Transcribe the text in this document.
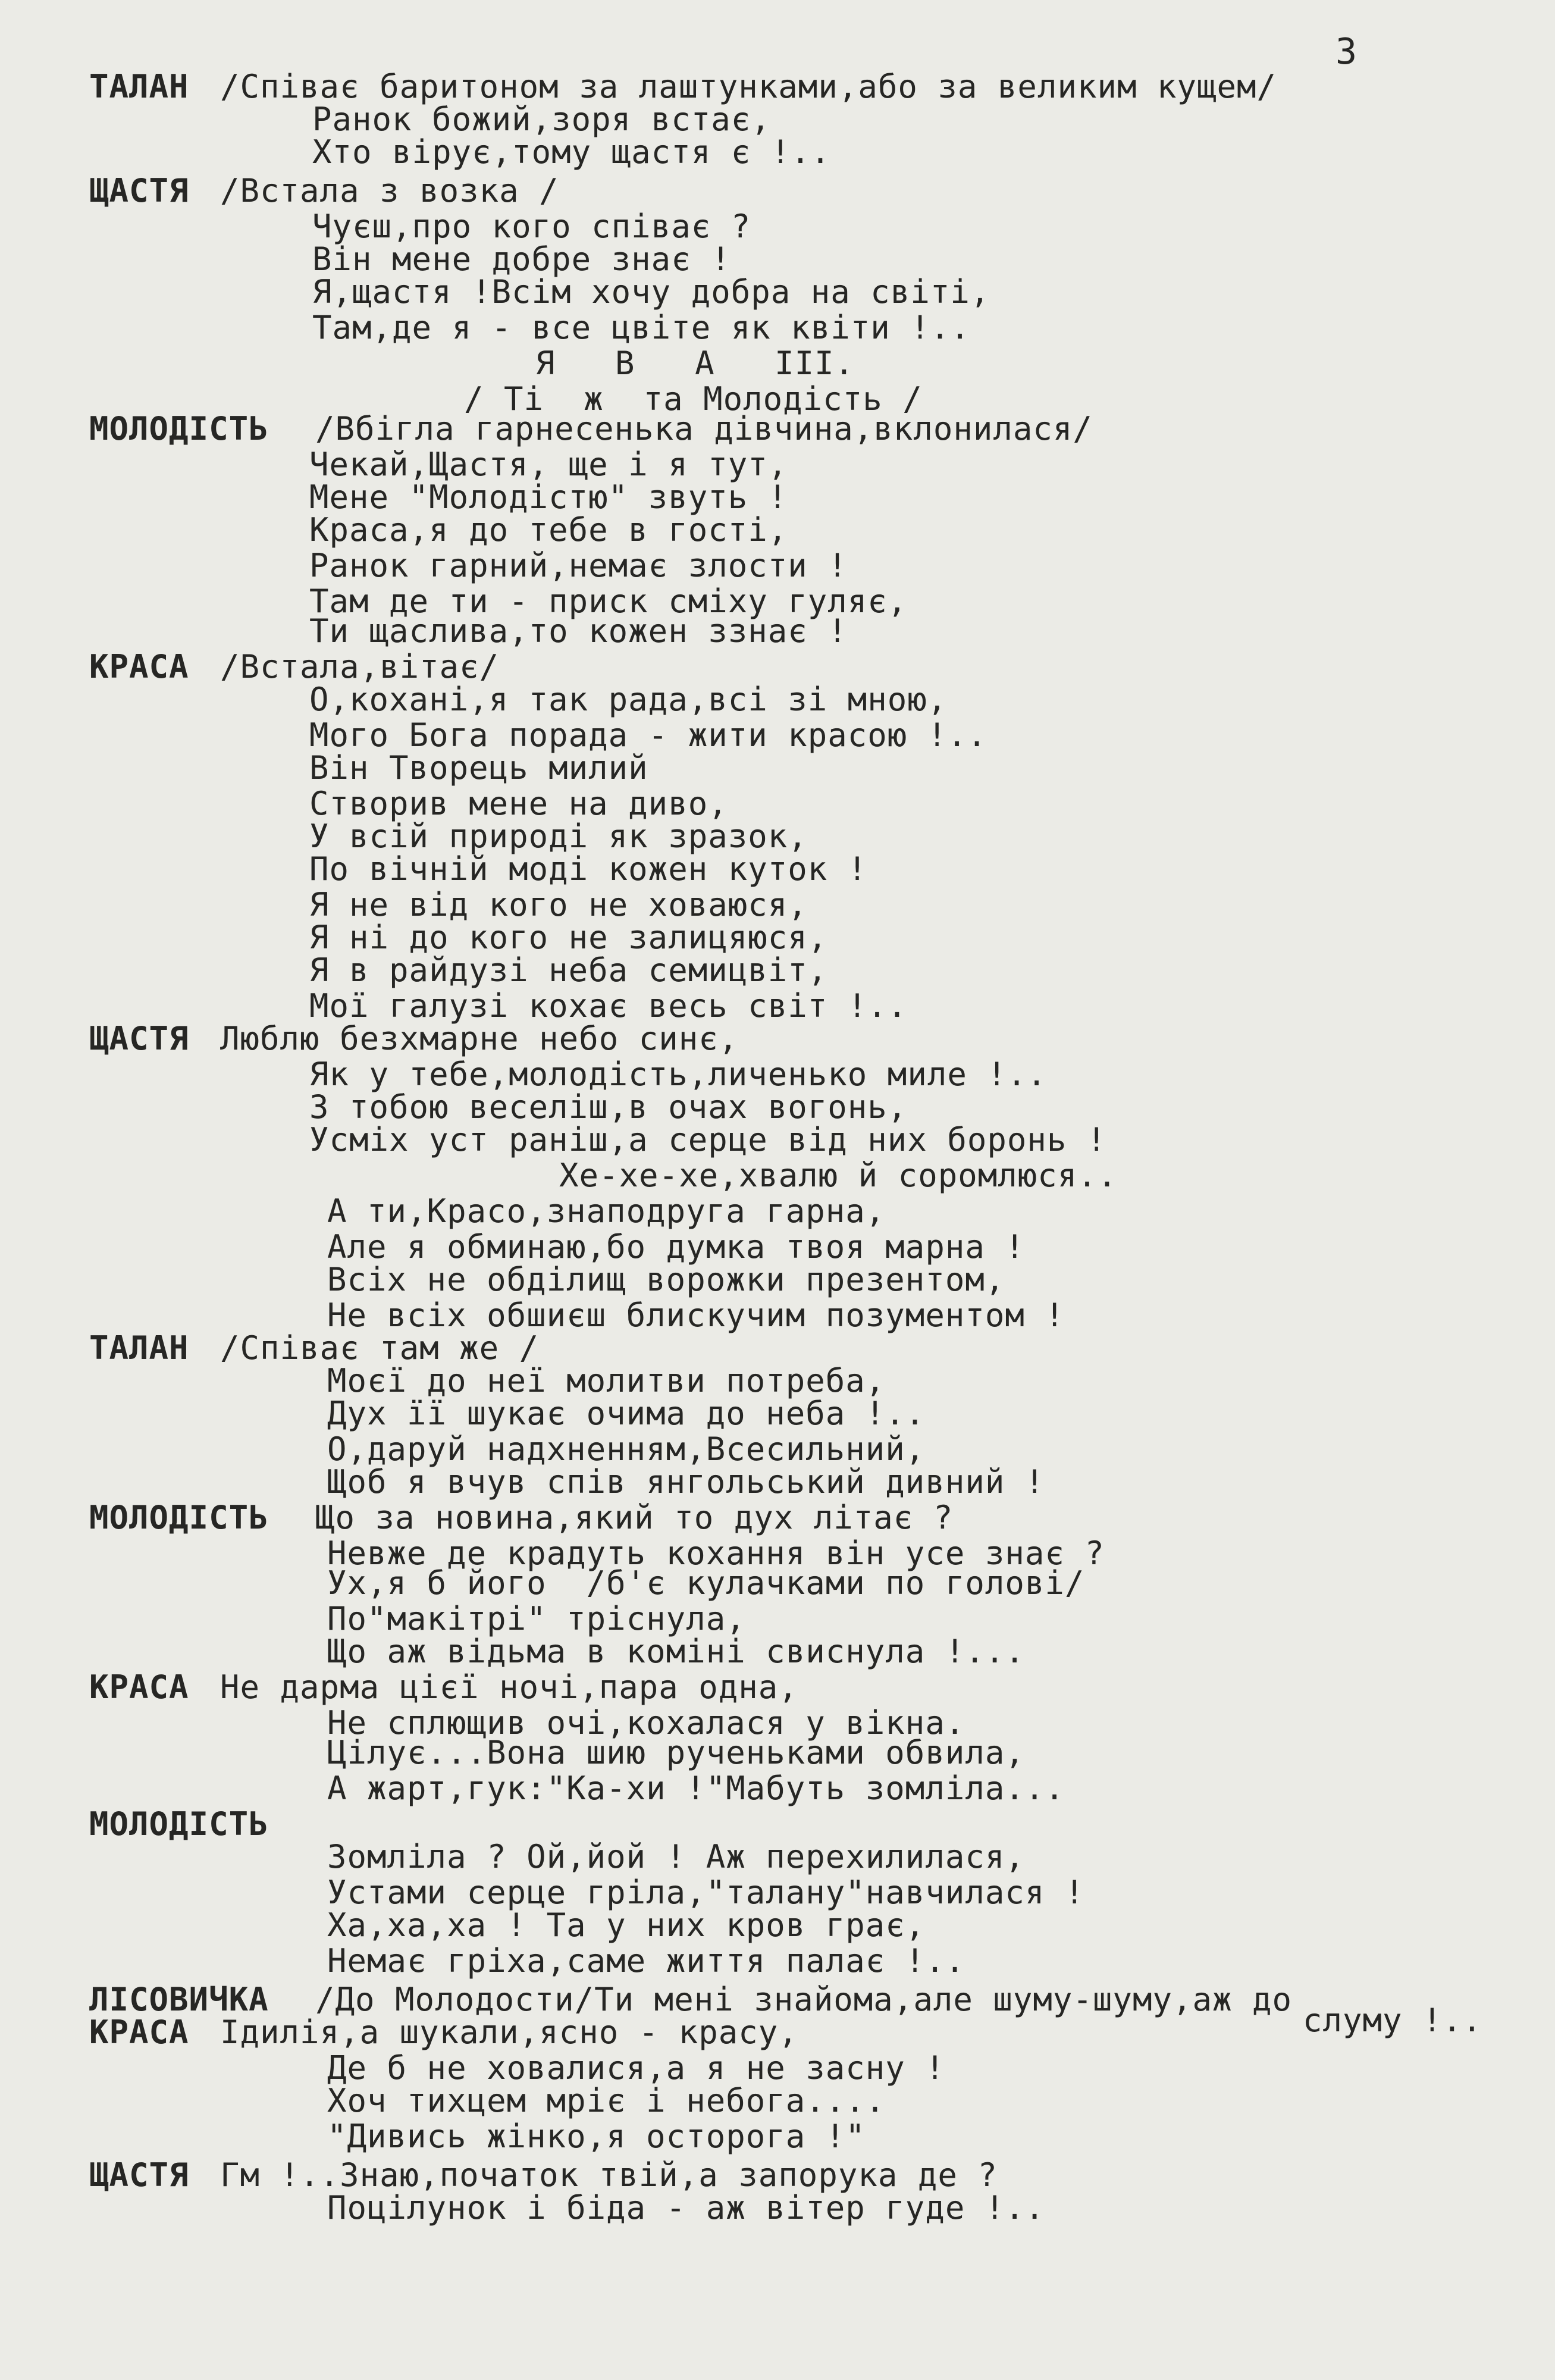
3
ТАЛАН /Співає баритоном за лаштунками,або за великим кущем/
Ранок божий,зоря встає,
Хто вірує,тому щастя є !..
ЩАСТЯ /Встала з возка /
Чуєш,про кого співає ?
Він мене добре знає !
Я,щастя !Всім хочу добра на світі,
Там,де я - все цвіте як квіти !..
Я   В   А   III.
/ Ті  ж  та Молодість /
МОЛОДІСТЬ /Вбігла гарнесенька дівчина,вклонилася/
Чекай,Щастя, ще і я тут,
Мене "Молодістю" звуть !
Краса,я до тебе в гості,
Ранок гарний,немає злости !
Там де ти - приск сміху гуляє,
Ти щаслива,то кожен ззнає !
КРАСА /Встала,вітає/
О,кохані,я так рада,всі зі мною,
Мого Бога порада - жити красою !..
Він Творець милий
Створив мене на диво,
У всій природі як зразок,
По вічній моді кожен куток !
Я не від кого не ховаюся,
Я ні до кого не залицяюся,
Я в райдузі неба семицвіт,
Мої галузі кохає весь світ !..
ЩАСТЯ Люблю безхмарне небо синє,
Як у тебе,молодість,личенько миле !..
З тобою веселіш,в очах вогонь,
Усміх уст раніш,а серце від них боронь !
Хе-хе-хе,хвалю й соромлюся..
А ти,Красо,знаподруга гарна,
Але я обминаю,бо думка твоя марна !
Всіх не обділищ ворожки презентом,
Не всіх обшиєш блискучим позументом !
ТАЛАН /Співає там же /
Моєї до неї молитви потреба,
Дух її шукає очима до неба !..
О,даруй надхненням,Всесильний,
Щоб я вчув спів янгольський дивний !
МОЛОДІСТЬ Що за новина,який то дух літає ?
Невже де крадуть кохання він усе знає ?
Ух,я б його  /б'є кулачками по голові/
По"макітрі" тріснула,
Що аж відьма в коміні свиснула !...
КРАСА Не дарма цієї ночі,пара одна,
Не сплющив очі,кохалася у вікна.
Цілує...Вона шию рученьками обвила,
А жарт,гук:"Ка-хи !"Мабуть зомліла...
МОЛОДІСТЬ
Зомліла ? Ой,йой ! Аж перехилилася,
Устами серце гріла,"талану"навчилася !
Ха,ха,ха ! Та у них кров грає,
Немає гріха,саме життя палає !..
ЛІСОВИЧКА /До Молодости/Ти мені знайома,але шуму-шуму,аж до
КРАСА Ідилія,а шукали,ясно - красу,	слуму !..
Де б не ховалися,а я не засну !
Хоч тихцем мріє і небога....
"Дивись жінко,я осторога !"
ЩАСТЯ Гм !..Знаю,початок твій,а запорука де ?
Поцілунок і біда - аж вітер гуде !..
